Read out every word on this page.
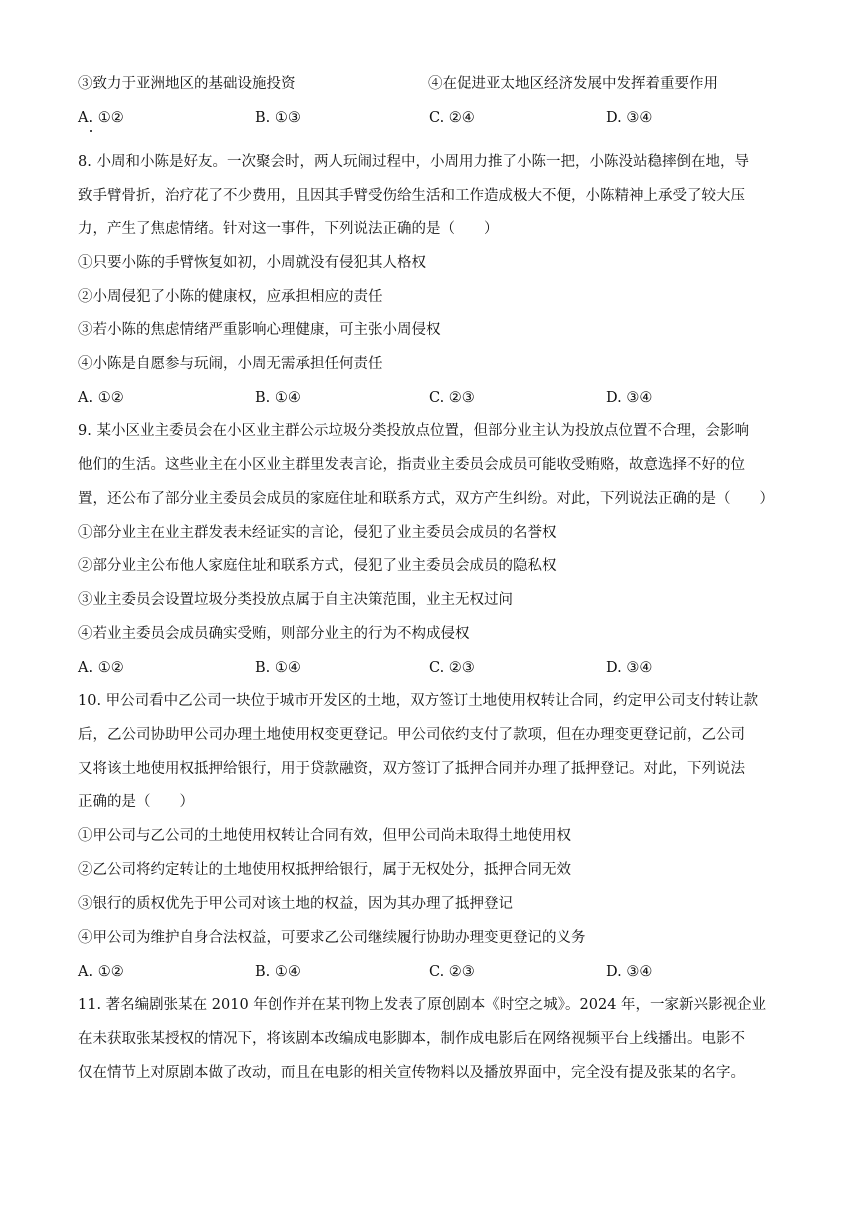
③致力于亚洲地区的基础设施投资	④在促进亚太地区经济发展中发挥着重要作用
A. ①②	B. ①③	C. ②④	D. ③④
8. 小周和小陈是好友。一次聚会时，两人玩闹过程中，小周用力推了小陈一把，小陈没站稳摔倒在地，导
致手臂骨折，治疗花了不少费用，且因其手臂受伤给生活和工作造成极大不便，小陈精神上承受了较大压
力，产生了焦虑情绪。针对这一事件，下列说法正确的是（　　）
①只要小陈的手臂恢复如初，小周就没有侵犯其人格权
②小周侵犯了小陈的健康权，应承担相应的责任
③若小陈的焦虑情绪严重影响心理健康，可主张小周侵权
④小陈是自愿参与玩闹，小周无需承担任何责任
A. ①②	B. ①④	C. ②③	D. ③④
9. 某小区业主委员会在小区业主群公示垃圾分类投放点位置，但部分业主认为投放点位置不合理，会影响
他们的生活。这些业主在小区业主群里发表言论，指责业主委员会成员可能收受贿赂，故意选择不好的位
置，还公布了部分业主委员会成员的家庭住址和联系方式，双方产生纠纷。对此，下列说法正确的是（　　）
①部分业主在业主群发表未经证实的言论，侵犯了业主委员会成员的名誉权
②部分业主公布他人家庭住址和联系方式，侵犯了业主委员会成员的隐私权
③业主委员会设置垃圾分类投放点属于自主决策范围，业主无权过问
④若业主委员会成员确实受贿，则部分业主的行为不构成侵权
A. ①②	B. ①④	C. ②③	D. ③④
10. 甲公司看中乙公司一块位于城市开发区的土地，双方签订土地使用权转让合同，约定甲公司支付转让款
后，乙公司协助甲公司办理土地使用权变更登记。甲公司依约支付了款项，但在办理变更登记前，乙公司
又将该土地使用权抵押给银行，用于贷款融资，双方签订了抵押合同并办理了抵押登记。对此，下列说法
正确的是（　　）
①甲公司与乙公司的土地使用权转让合同有效，但甲公司尚未取得土地使用权
②乙公司将约定转让的土地使用权抵押给银行，属于无权处分，抵押合同无效
③银行的质权优先于甲公司对该土地的权益，因为其办理了抵押登记
④甲公司为维护自身合法权益，可要求乙公司继续履行协助办理变更登记的义务
A. ①②	B. ①④	C. ②③	D. ③④
11. 著名编剧张某在 2010 年创作并在某刊物上发表了原创剧本《时空之城》。2024 年，一家新兴影视企业
在未获取张某授权的情况下，将该剧本改编成电影脚本，制作成电影后在网络视频平台上线播出。电影不
仅在情节上对原剧本做了改动，而且在电影的相关宣传物料以及播放界面中，完全没有提及张某的名字。
